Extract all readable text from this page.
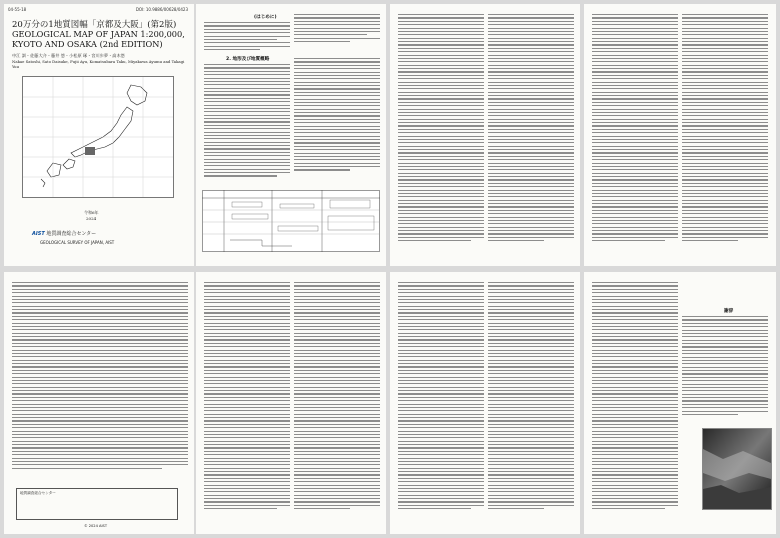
04-55-18	DOI: 10.9886/00628/0423
20万分の1地質図幅「京都及大阪」(第2版)
GEOLOGICAL MAP OF JAPAN 1:200,000, KYOTO AND OSAKA (2nd EDITION)
中江 訓・佐藤大介・藤井 悠・小松原 琢・宮川歩夢・高木悠
Nakae Satoshi, Sato Daisuke, Fujii Ayu, Komatsubara Taku, Miyakawa Ayumu and Takagi Yuu
令和6年
2024
AIST 地質調査総合センター
GEOLOGICAL SURVEY OF JAPAN, AIST
(はじめに)
2. 地形及び地質概略
地質調査総合センター
© 2024 AIST
謝辞
